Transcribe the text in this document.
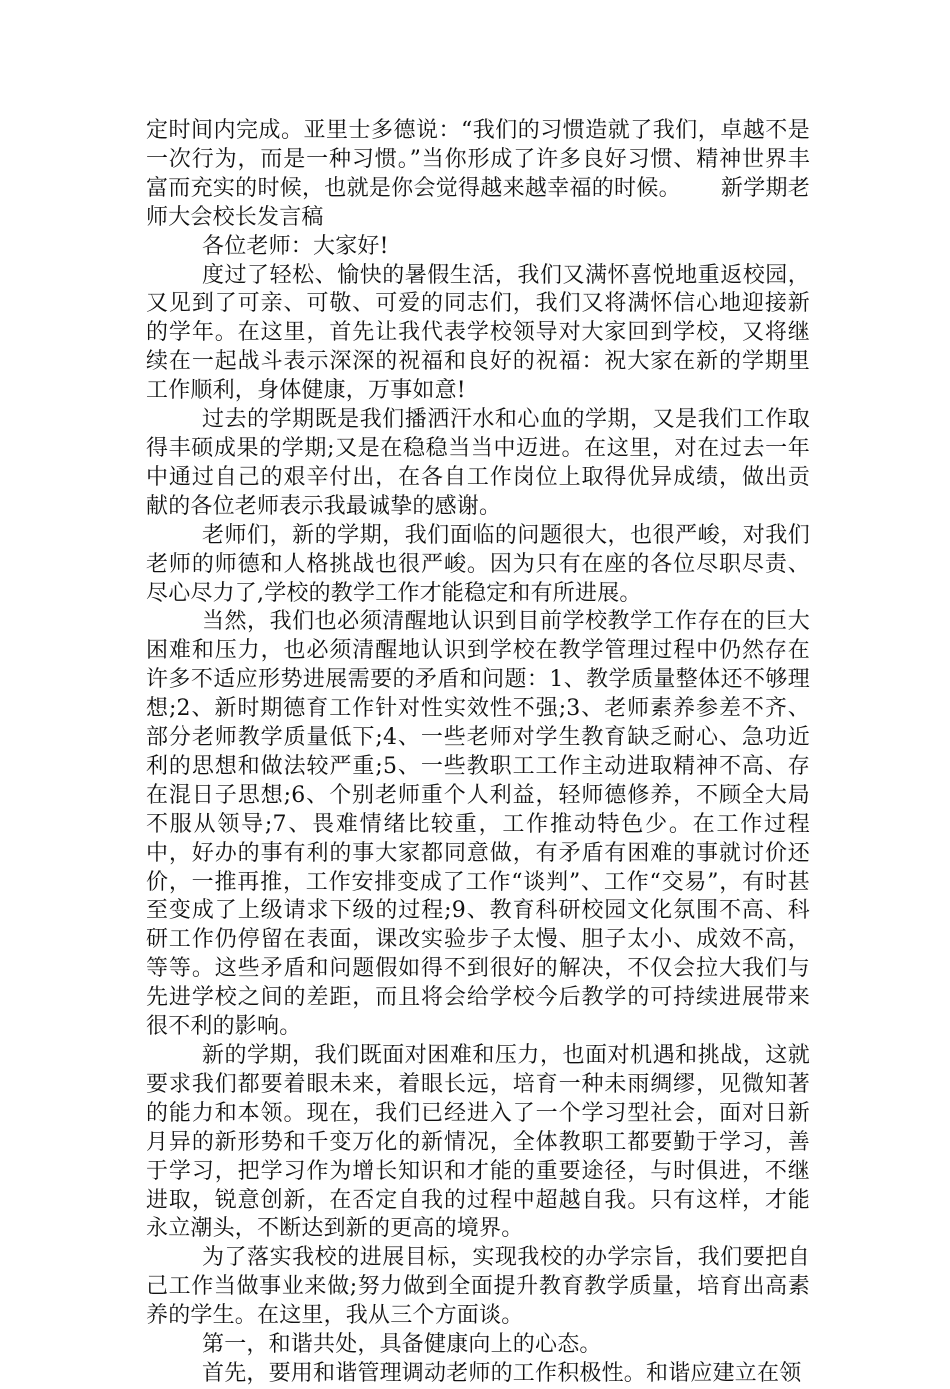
定时间内完成。亚里士多德说：“我们的习惯造就了我们，卓越不是一次行为，而是一种习惯。”当你形成了许多良好习惯、精神世界丰富而充实的时候，也就是你会觉得越来越幸福的时候。 新学期老师大会校长发言稿

各位老师：大家好!

度过了轻松、愉快的暑假生活，我们又满怀喜悦地重返校园，又见到了可亲、可敬、可爱的同志们，我们又将满怀信心地迎接新的学年。在这里，首先让我代表学校领导对大家回到学校，又将继续在一起战斗表示深深的祝福和良好的祝福：祝大家在新的学期里工作顺利，身体健康，万事如意!

过去的学期既是我们播洒汗水和心血的学期，又是我们工作取得丰硕成果的学期;又是在稳稳当当中迈进。在这里，对在过去一年中通过自己的艰辛付出，在各自工作岗位上取得优异成绩，做出贡献的各位老师表示我最诚挚的感谢。

老师们，新的学期，我们面临的问题很大，也很严峻，对我们老师的师德和人格挑战也很严峻。因为只有在座的各位尽职尽责、尽心尽力了,学校的教学工作才能稳定和有所进展。

当然，我们也必须清醒地认识到目前学校教学工作存在的巨大困难和压力，也必须清醒地认识到学校在教学管理过程中仍然存在许多不适应形势进展需要的矛盾和问题：1、教学质量整体还不够理想;2、新时期德育工作针对性实效性不强;3、老师素养参差不齐、部分老师教学质量低下;4、一些老师对学生教育缺乏耐心、急功近利的思想和做法较严重;5、一些教职工工作主动进取精神不高、存在混日子思想;6、个别老师重个人利益，轻师德修养，不顾全大局不服从领导;7、畏难情绪比较重，工作推动特色少。在工作过程中，好办的事有利的事大家都同意做，有矛盾有困难的事就讨价还价，一推再推，工作安排变成了工作“谈判”、工作“交易”，有时甚至变成了上级请求下级的过程;9、教育科研校园文化氛围不高、科研工作仍停留在表面，课改实验步子太慢、胆子太小、成效不高，等等。这些矛盾和问题假如得不到很好的解决，不仅会拉大我们与先进学校之间的差距，而且将会给学校今后教学的可持续进展带来很不利的影响。

新的学期，我们既面对困难和压力，也面对机遇和挑战，这就要求我们都要着眼未来，着眼长远，培育一种未雨绸缪，见微知著的能力和本领。现在，我们已经进入了一个学习型社会，面对日新月异的新形势和千变万化的新情况，全体教职工都要勤于学习，善于学习，把学习作为增长知识和才能的重要途径，与时俱进，不继进取，锐意创新，在否定自我的过程中超越自我。只有这样，才能永立潮头，不断达到新的更高的境界。

为了落实我校的进展目标，实现我校的办学宗旨，我们要把自己工作当做事业来做;努力做到全面提升教育教学质量，培育出高素养的学生。在这里，我从三个方面谈。

第一，和谐共处，具备健康向上的心态。

首先，要用和谐管理调动老师的工作积极性。和谐应建立在领
